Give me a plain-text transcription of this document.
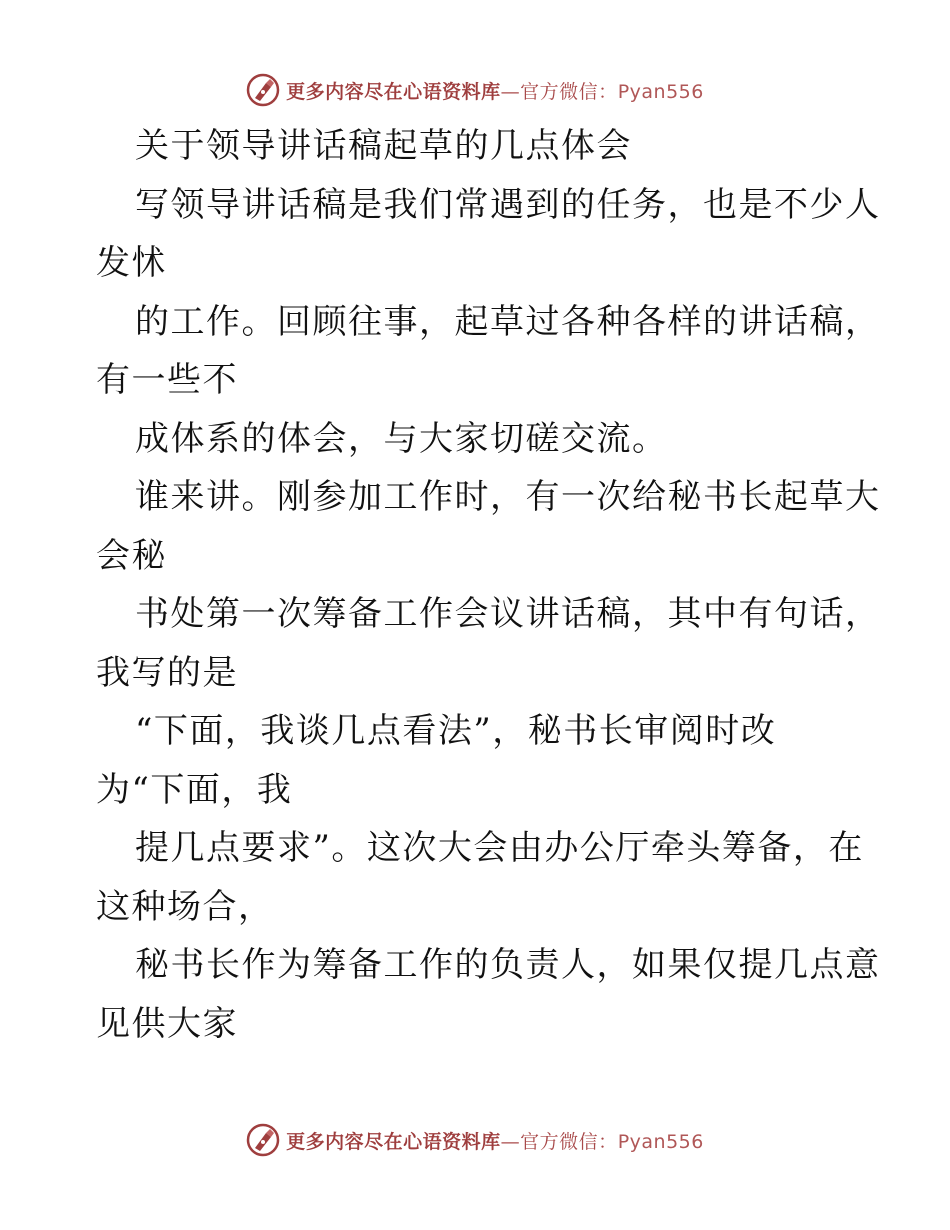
更多内容尽在心语资料库—官方微信：Pyan556
关于领导讲话稿起草的几点体会
写领导讲话稿是我们常遇到的任务，也是不少人
发怵
的工作。回顾往事，起草过各种各样的讲话稿，
有一些不
成体系的体会，与大家切磋交流。
谁来讲。刚参加工作时，有一次给秘书长起草大
会秘
书处第一次筹备工作会议讲话稿，其中有句话，
我写的是
“下面，我谈几点看法”，秘书长审阅时改
为“下面，我
提几点要求”。这次大会由办公厅牵头筹备，在
这种场合，
秘书长作为筹备工作的负责人，如果仅提几点意
见供大家
更多内容尽在心语资料库—官方微信：Pyan556
